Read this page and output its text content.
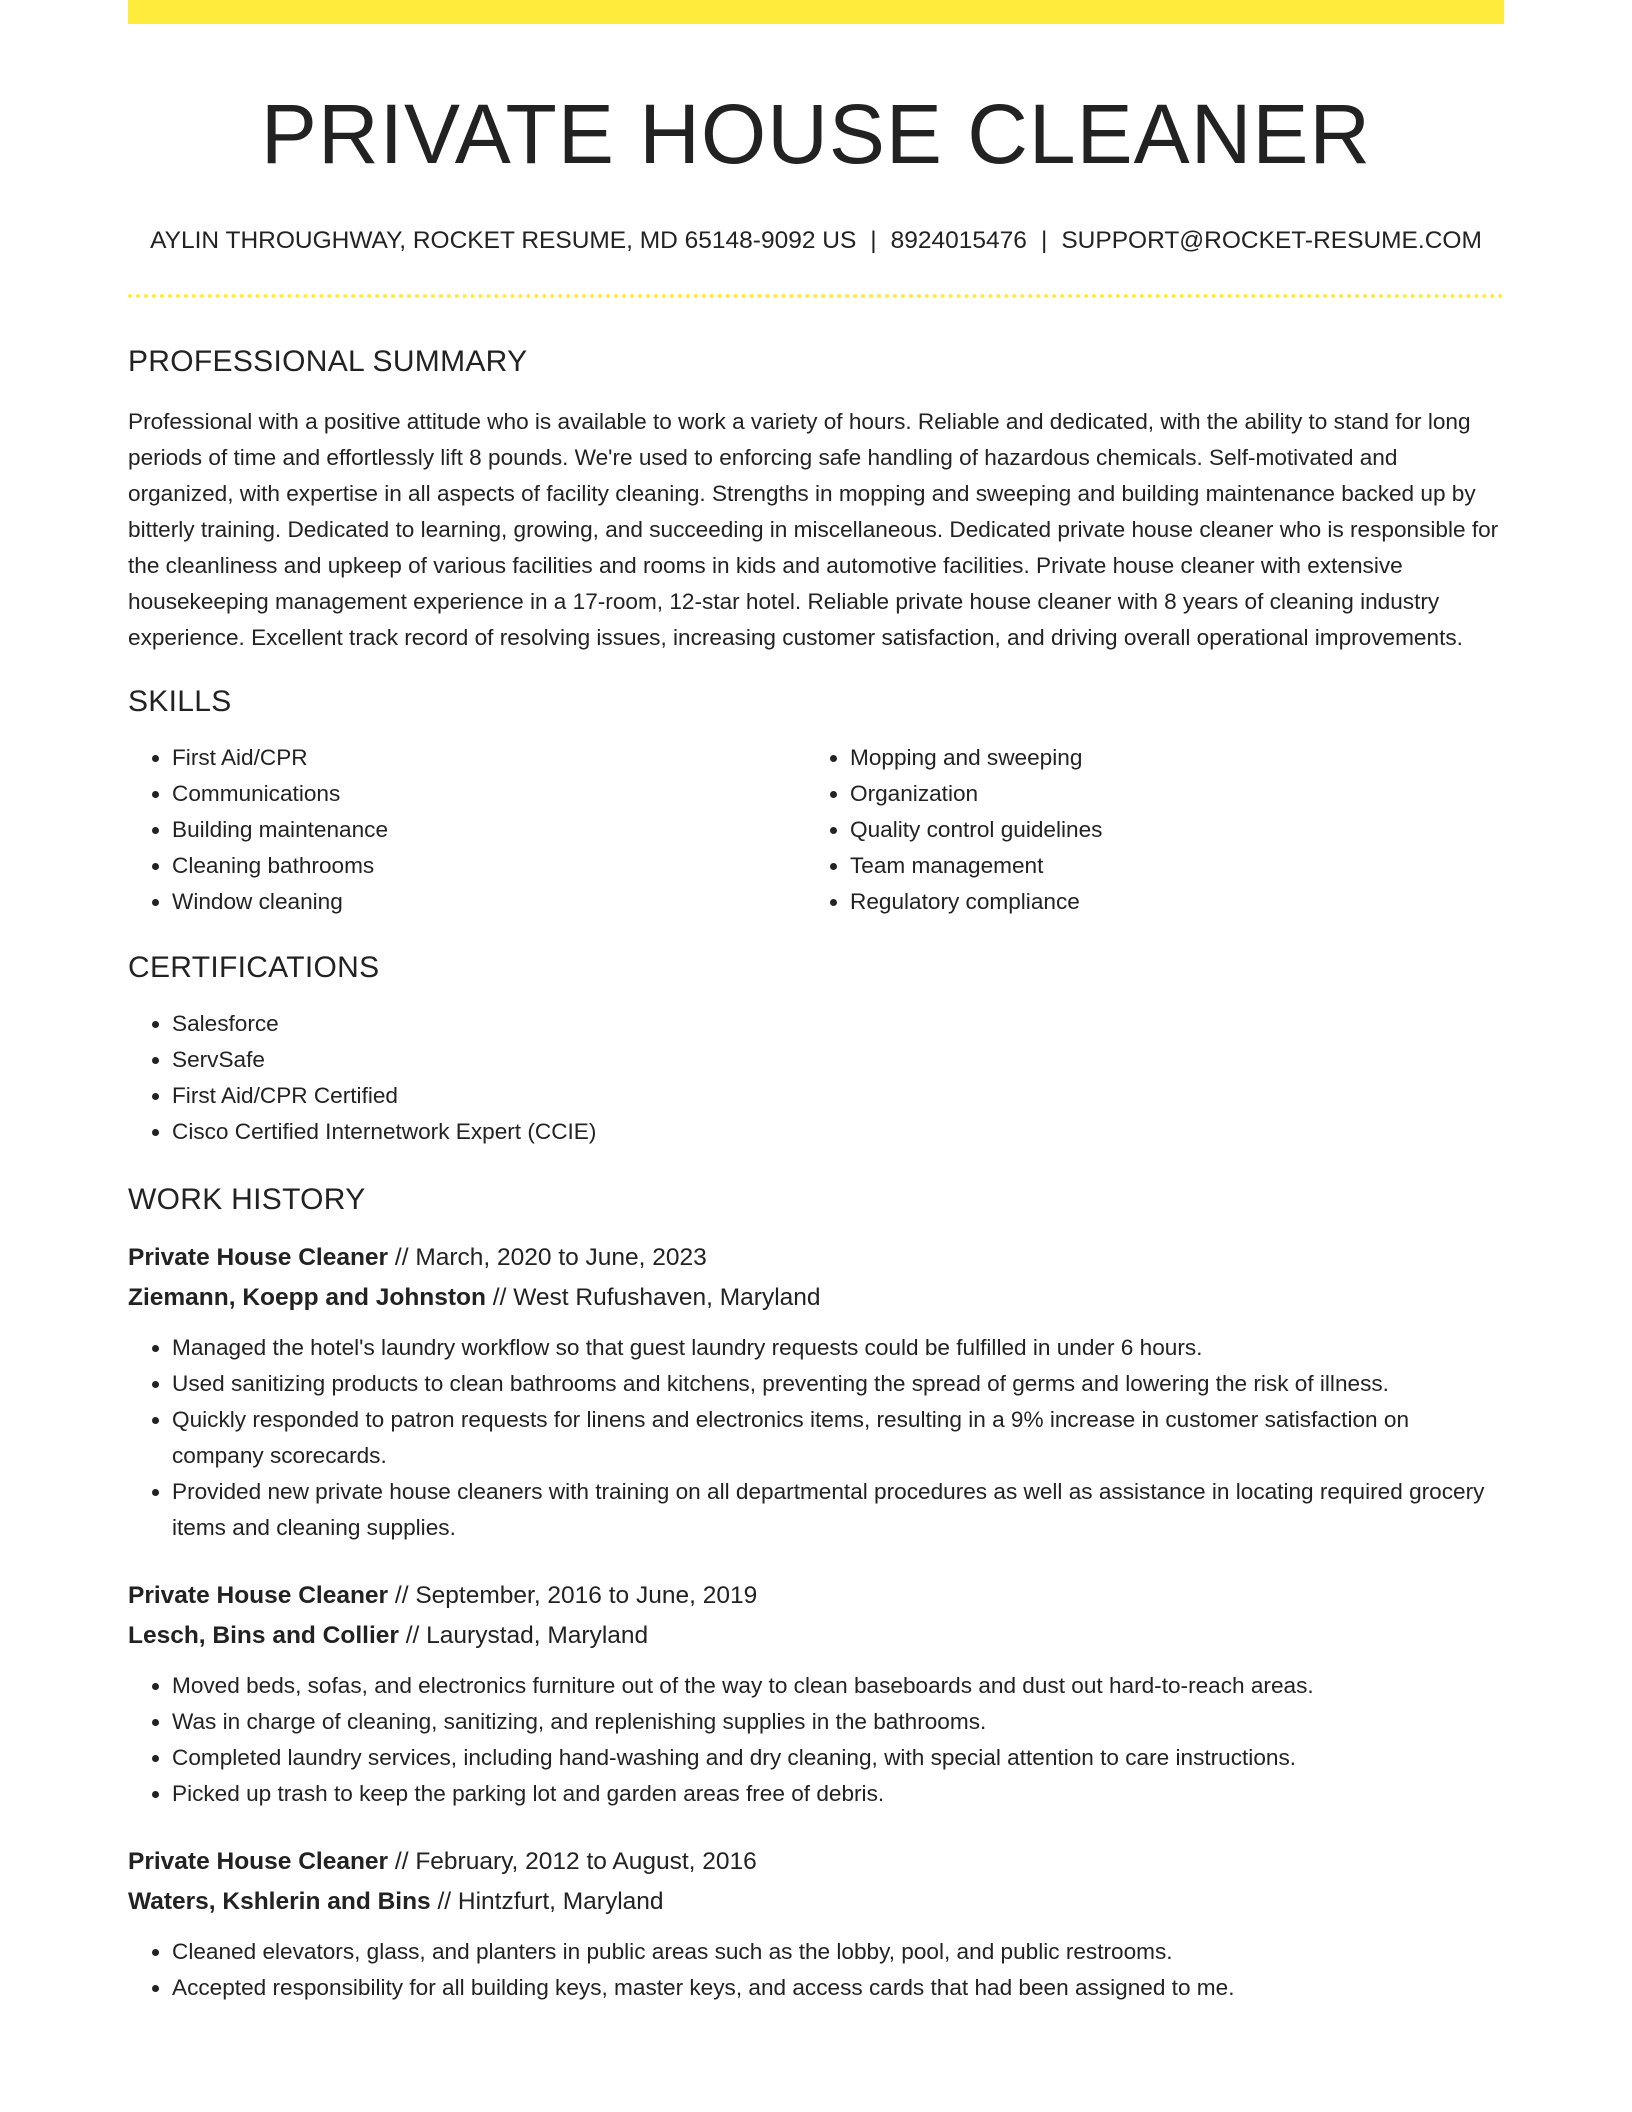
PRIVATE HOUSE CLEANER
AYLIN THROUGHWAY, ROCKET RESUME, MD 65148-9092 US | 8924015476 | SUPPORT@ROCKET-RESUME.COM
PROFESSIONAL SUMMARY

Professional with a positive attitude who is available to work a variety of hours. Reliable and dedicated, with the ability to stand for long periods of time and effortlessly lift 8 pounds. We're used to enforcing safe handling of hazardous chemicals. Self-motivated and organized, with expertise in all aspects of facility cleaning. Strengths in mopping and sweeping and building maintenance backed up by bitterly training. Dedicated to learning, growing, and succeeding in miscellaneous. Dedicated private house cleaner who is responsible for the cleanliness and upkeep of various facilities and rooms in kids and automotive facilities. Private house cleaner with extensive housekeeping management experience in a 17-room, 12-star hotel. Reliable private house cleaner with 8 years of cleaning industry experience. Excellent track record of resolving issues, increasing customer satisfaction, and driving overall operational improvements.

SKILLS
• First Aid/CPR
• Communications
• Building maintenance
• Cleaning bathrooms
• Window cleaning
• Mopping and sweeping
• Organization
• Quality control guidelines
• Team management
• Regulatory compliance
CERTIFICATIONS
• Salesforce
• ServSafe
• First Aid/CPR Certified
• Cisco Certified Internetwork Expert (CCIE)
WORK HISTORY
Private House Cleaner // March, 2020 to June, 2023
Ziemann, Koepp and Johnston // West Rufushaven, Maryland
• Managed the hotel's laundry workflow so that guest laundry requests could be fulfilled in under 6 hours.
• Used sanitizing products to clean bathrooms and kitchens, preventing the spread of germs and lowering the risk of illness.
• Quickly responded to patron requests for linens and electronics items, resulting in a 9% increase in customer satisfaction on company scorecards.
• Provided new private house cleaners with training on all departmental procedures as well as assistance in locating required grocery items and cleaning supplies.
Private House Cleaner // September, 2016 to June, 2019
Lesch, Bins and Collier // Laurystad, Maryland
• Moved beds, sofas, and electronics furniture out of the way to clean baseboards and dust out hard-to-reach areas.
• Was in charge of cleaning, sanitizing, and replenishing supplies in the bathrooms.
• Completed laundry services, including hand-washing and dry cleaning, with special attention to care instructions.
• Picked up trash to keep the parking lot and garden areas free of debris.
Private House Cleaner // February, 2012 to August, 2016
Waters, Kshlerin and Bins // Hintzfurt, Maryland
• Cleaned elevators, glass, and planters in public areas such as the lobby, pool, and public restrooms.
• Accepted responsibility for all building keys, master keys, and access cards that had been assigned to me.
